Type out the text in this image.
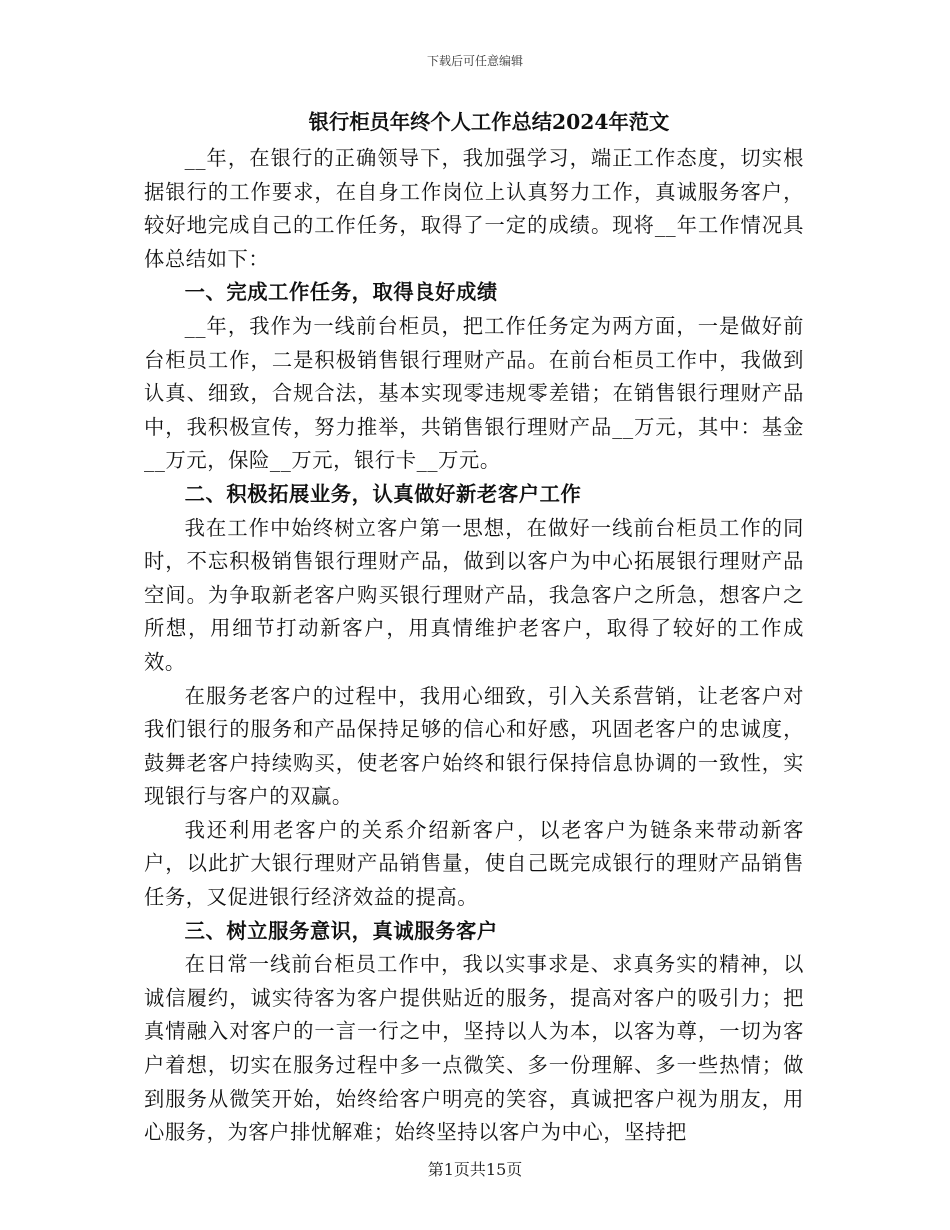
下载后可任意编辑
银行柜员年终个人工作总结2024年范文

__年，在银行的正确领导下，我加强学习，端正工作态度，切实根据银行的工作要求，在自身工作岗位上认真努力工作，真诚服务客户，较好地完成自己的工作任务，取得了一定的成绩。现将__年工作情况具体总结如下：

一、完成工作任务，取得良好成绩

__年，我作为一线前台柜员，把工作任务定为两方面，一是做好前台柜员工作，二是积极销售银行理财产品。在前台柜员工作中，我做到认真、细致，合规合法，基本实现零违规零差错；在销售银行理财产品中，我积极宣传，努力推举，共销售银行理财产品__万元，其中：基金__万元，保险__万元，银行卡__万元。

二、积极拓展业务，认真做好新老客户工作

我在工作中始终树立客户第一思想，在做好一线前台柜员工作的同时，不忘积极销售银行理财产品，做到以客户为中心拓展银行理财产品空间。为争取新老客户购买银行理财产品，我急客户之所急，想客户之所想，用细节打动新客户，用真情维护老客户，取得了较好的工作成效。

在服务老客户的过程中，我用心细致，引入关系营销，让老客户对我们银行的服务和产品保持足够的信心和好感，巩固老客户的忠诚度，鼓舞老客户持续购买，使老客户始终和银行保持信息协调的一致性，实现银行与客户的双赢。

我还利用老客户的关系介绍新客户，以老客户为链条来带动新客户，以此扩大银行理财产品销售量，使自己既完成银行的理财产品销售任务，又促进银行经济效益的提高。

三、树立服务意识，真诚服务客户

在日常一线前台柜员工作中，我以实事求是、求真务实的精神，以诚信履约，诚实待客为客户提供贴近的服务，提高对客户的吸引力；把真情融入对客户的一言一行之中，坚持以人为本，以客为尊，一切为客户着想，切实在服务过程中多一点微笑、多一份理解、多一些热情；做到服务从微笑开始，始终给客户明亮的笑容，真诚把客户视为朋友，用心服务，为客户排忧解难；始终坚持以客户为中心，坚持把

第1页共15页
